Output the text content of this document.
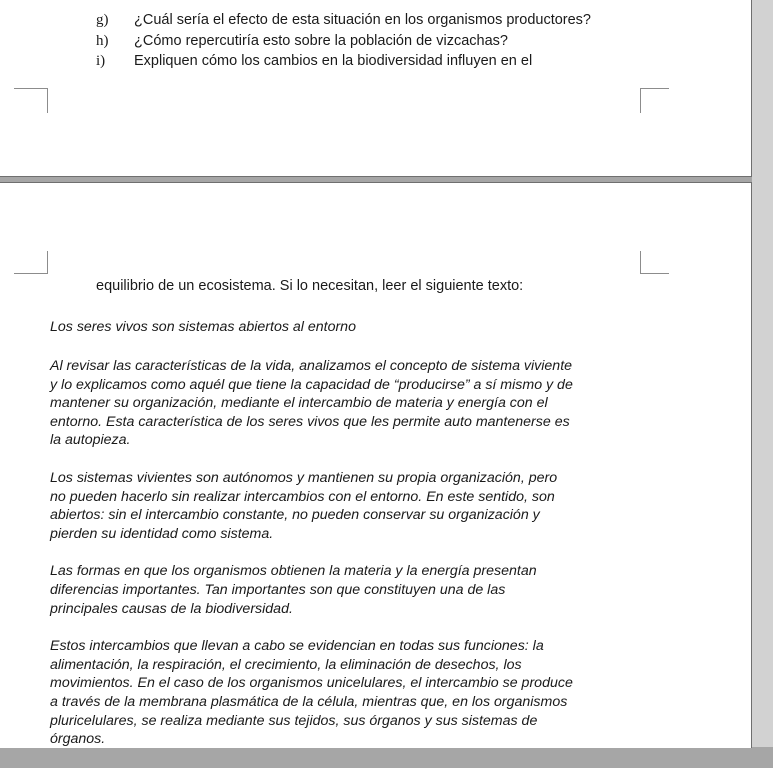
g) ¿Cuál sería el efecto de esta situación en los organismos productores?
h) ¿Cómo repercutiría esto sobre la población de vizcachas?
i) Expliquen cómo los cambios en la biodiversidad influyen en el
equilibrio de un ecosistema. Si lo necesitan, leer el siguiente texto:
Los seres vivos son sistemas abiertos al entorno
Al revisar las características de la vida, analizamos el concepto de sistema viviente
y lo explicamos como aquél que tiene la capacidad de “producirse” a sí mismo y de
mantener su organización, mediante el intercambio de materia y energía con el
entorno. Esta característica de los seres vivos que les permite auto mantenerse es
la autopieza.
Los sistemas vivientes son autónomos y mantienen su propia organización, pero
no pueden hacerlo sin realizar intercambios con el entorno. En este sentido, son
abiertos: sin el intercambio constante, no pueden conservar su organización y
pierden su identidad como sistema.
Las formas en que los organismos obtienen la materia y la energía presentan
diferencias importantes. Tan importantes son que constituyen una de las
principales causas de la biodiversidad.
Estos intercambios que llevan a cabo se evidencian en todas sus funciones: la
alimentación, la respiración, el crecimiento, la eliminación de desechos, los
movimientos. En el caso de los organismos unicelulares, el intercambio se produce
a través de la membrana plasmática de la célula, mientras que, en los organismos
pluricelulares, se realiza mediante sus tejidos, sus órganos y sus sistemas de
órganos.
